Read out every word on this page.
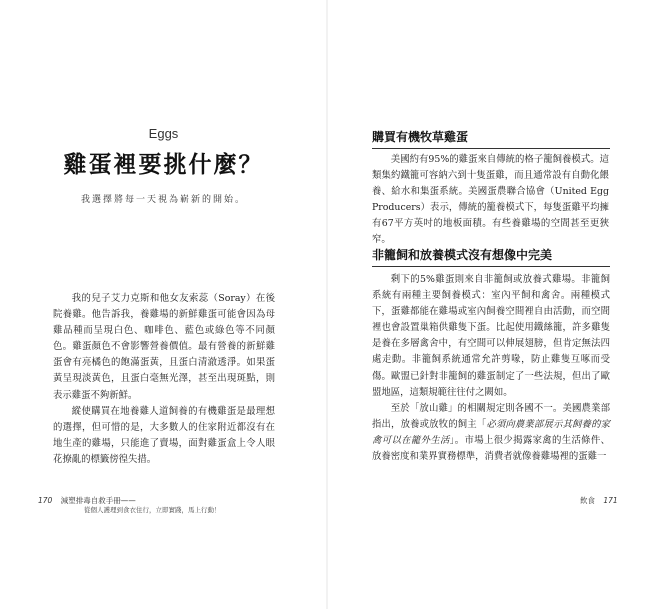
Eggs
雞蛋裡要挑什麼？
我選擇將每一天視為嶄新的開始。

我的兒子艾力克斯和他女友索蕊（Soray）在後院養雞。他告訴我，養雞場的新鮮雞蛋可能會因為母雞品種而呈現白色、咖啡色、藍色或綠色等不同顏色。雞蛋顏色不會影響營養價值。最有營養的新鮮雞蛋會有亮橘色的飽滿蛋黃，且蛋白清澈透淨。如果蛋黃呈現淡黃色，且蛋白毫無光澤，甚至出現斑點，則表示雞蛋不夠新鮮。

縱使購買在地養雞人道飼養的有機雞蛋是最理想的選擇，但可惜的是，大多數人的住家附近都沒有在地生產的雞場，只能進了賣場，面對雞蛋盒上令人眼花撩亂的標籤傍徨失措。

170 減塑排毒自救手冊——
從個人護理到食衣住行，立即實踐，馬上行動！
購買有機牧草雞蛋

美國約有95%的雞蛋來自傳統的格子籠飼養模式。這類集約鐵籠可容納六到十隻蛋雞，而且通常設有自動化餵養、給水和集蛋系統。美國蛋農聯合協會（United Egg Producers）表示，傳統的籠養模式下，每隻蛋雞平均擁有67平方英吋的地板面積。有些養雞場的空間甚至更狹窄。

非籠飼和放養模式沒有想像中完美

剩下的5%雞蛋則來自非籠飼或放養式雞場。非籠飼系統有兩種主要飼養模式：室內平飼和禽舍。兩種模式下，蛋雞都能在雞場或室內飼養空間裡自由活動，而空間裡也會設置巢箱供雞隻下蛋。比起使用鐵絲籠，許多雞隻是養在多層禽舍中，有空間可以伸展翅膀，但肯定無法四處走動。非籠飼系統通常允許剪喙，防止雞隻互啄而受傷。歐盟已針對非籠飼的雞蛋制定了一些法規，但出了歐盟地區，這類規範往往付之闕如。

至於「放山雞」的相關規定則各國不一。美國農業部指出，放養或放牧的飼主「必須向農業部展示其飼養的家禽可以在籠外生活」。市場上很少揭露家禽的生活條件、放養密度和業界實務標準，消費者就像養雞場裡的蛋雞一

飲食 171
